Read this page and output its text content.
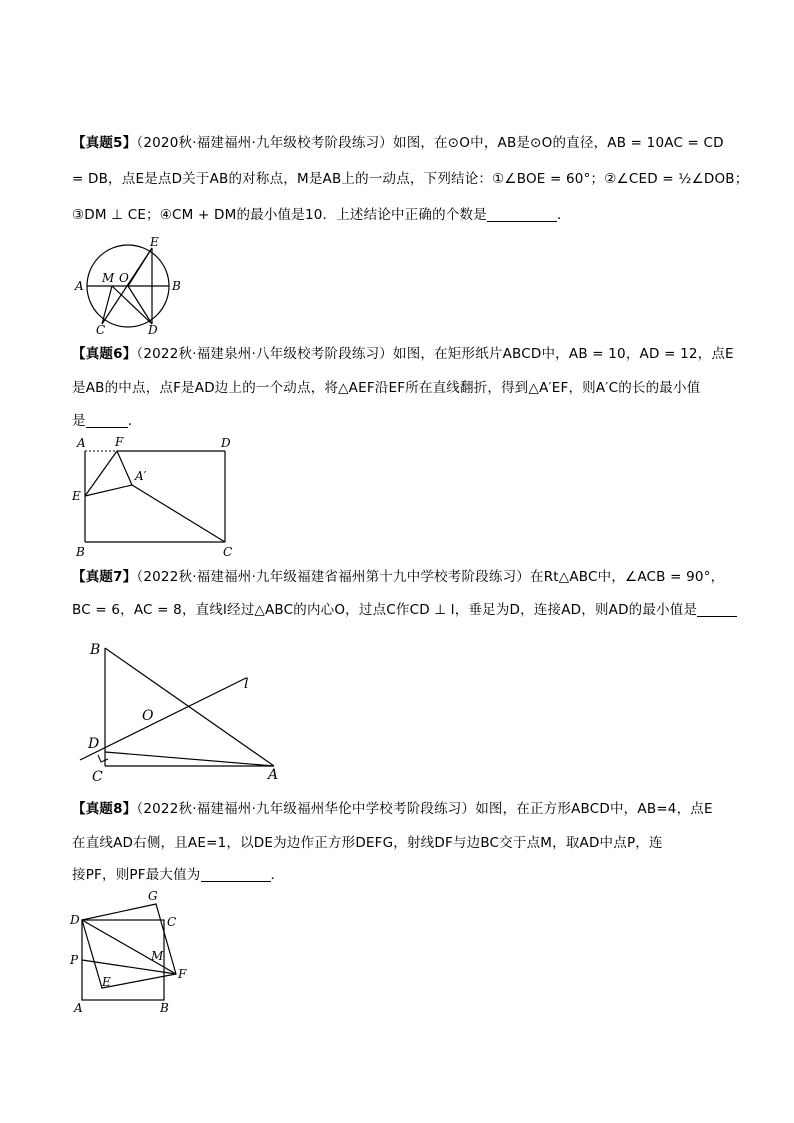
【真题5】（2020秋·福建福州·九年级校考阶段练习）如图，在⊙O中，AB是⊙O的直径，AB = 10AC = CD
= DB，点E是点D关于AB的对称点，M是AB上的一动点，下列结论：①∠BOE = 60°；②∠CED = ½∠DOB；
③DM ⊥ CE；④CM + DM的最小值是10．上述结论中正确的个数是	．
E
M O
A	B
C	D
【真题6】（2022秋·福建泉州·八年级校考阶段练习）如图，在矩形纸片ABCD中，AB = 10，AD = 12，点E
是AB的中点，点F是AD边上的一个动点，将△AEF沿EF所在直线翻折，得到△A′EF，则A′C的长的最小值
是	．
A F	D
A′
E
B	C
【真题7】（2022秋·福建福州·九年级福建省福州第十九中学校考阶段练习）在Rt△ABC中，∠ACB = 90°，
BC = 6，AC = 8，直线l经过△ABC的内心O，过点C作CD ⊥ l，垂足为D，连接AD，则AD的最小值是
B
l
O
D
C	A
【真题8】（2022秋·福建福州·九年级福州华伦中学校考阶段练习）如图，在正方形ABCD中，AB=4，点E
在直线AD右侧，且AE=1，以DE为边作正方形DEFG，射线DF与边BC交于点M，取AD中点P，连
接PF，则PF最大值为	．
G
D	C
M
P
F
E
A	B
